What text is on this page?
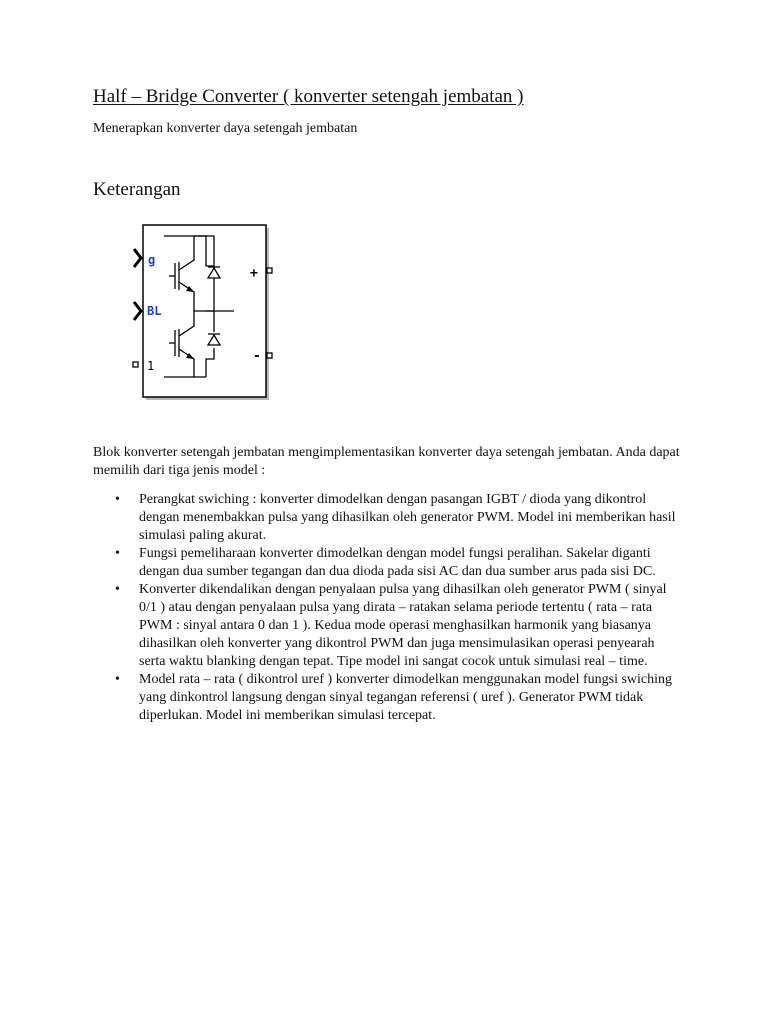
Half – Bridge Converter ( konverter setengah jembatan )

Menerapkan konverter daya setengah jembatan

Keterangan
g
BL
1
+
-

Blok konverter setengah jembatan mengimplementasikan konverter daya setengah jembatan. Anda dapat memilih dari tiga jenis model :

• Perangkat swiching : konverter dimodelkan dengan pasangan IGBT / dioda yang dikontrol dengan menembakkan pulsa yang dihasilkan oleh generator PWM. Model ini memberikan hasil simulasi paling akurat.
• Fungsi pemeliharaan konverter dimodelkan dengan model fungsi peralihan. Sakelar diganti dengan dua sumber tegangan dan dua dioda pada sisi AC dan dua sumber arus pada sisi DC.
• Konverter dikendalikan dengan penyalaan pulsa yang dihasilkan oleh generator PWM ( sinyal 0/1 ) atau dengan penyalaan pulsa yang dirata – ratakan selama periode tertentu ( rata – rata PWM : sinyal antara 0 dan 1 ). Kedua mode operasi menghasilkan harmonik yang biasanya dihasilkan oleh konverter yang dikontrol PWM dan juga mensimulasikan operasi penyearah serta waktu blanking dengan tepat. Tipe model ini sangat cocok untuk simulasi real – time.
• Model rata – rata ( dikontrol uref ) konverter dimodelkan menggunakan model fungsi swiching yang dinkontrol langsung dengan sinyal tegangan referensi ( uref ). Generator PWM tidak diperlukan. Model ini memberikan simulasi tercepat.
